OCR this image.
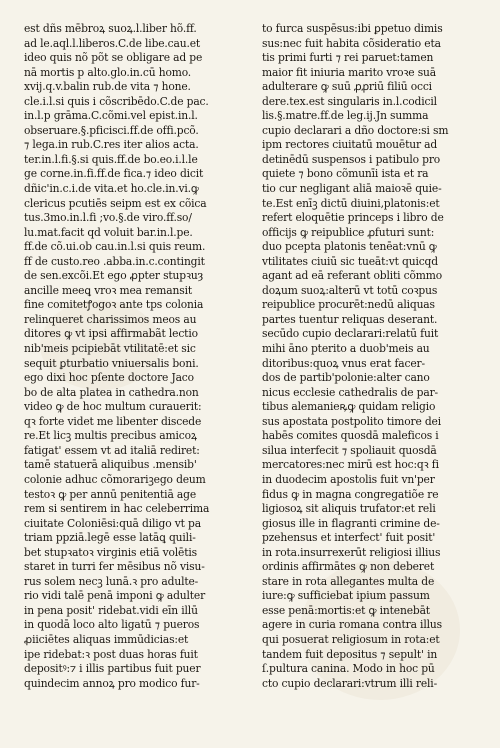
est dñs mēbroꝝ suoꝝ.l.liber hõ.ff.
ad le.aql.l.liberos.C.de libe.cau.et
ideo quis nõ põt se obligare ad pe
nā mortis p alto.glo.in.cū homo.
xvij.q.v.balin rub.de vita ⁊ hone.
cle.i.l.si quis i cõscribēdo.C.de pac.
in.l.p grāma.C.cõmi.vel epist.in.l.
obseruare.§.pficisci.ff.de offi.pcõ.
⁊ lega.in rub.C.res iter alios acta.
ter.in.l.fi.§.si quis.ff.de bo.eo.i.l.le
ge corne.in.fi.ff.de fica.⁊ ideo dicit
dñic'in.c.i.de vita.et ho.cle.in.vi.ꝙ
clericus pcutiēs seipm est ex cõica
tus.3mo.in.l.fi ;vo.§.de viro.ff.so/
lu.mat.facit qd voluit bar.in.l.pe.
ff.de cõ.ui.ob cau.in.l.si quis reum.
ff de custo.reo .abba.in.c.contingit
de sen.excõi.Et ego ꝓpter stupꝛuȝ
ancille meeꝗ vroꝛ mea remansit
fine comitetꝭogoꝛ ante tps colonia
relinqueret charissimos meos au
ditores ꝙ vt ipsi affirmabãt lectio
nib'meis pcipiebāt vtilitatē:et sic
sequit ꝑturbatio vniuersalis boni.
ego dixi hoc pſente doctore Jaco
bo de alta platea in cathedra.non
video ꝙ de hoc multum curauerit:
qꝛ forte videt me libenter discede
re.Et licꝫ multis precibus amicoꝝ
fatigat' essem vt ad italiā rediret:
tamē statuerā aliquibus .mensib'
colonie adhuc cõmorariꝫego deum
testoꝛ ꝙ per annū penitentiā age
rem si sentirem in hac celeberrima
ciuitate Coloniēsi:quā diligo vt pa
triam ppziā.legē esse latāꝗ quili-
bet stupꝛatoꝛ virginis etiā volētis
staret in turri fer mēsibus nõ visu-
rus solem necꝫ lunā.ꝛ pro adulte-
rio vidi talē penā imponi ꝙ adulter
in pena posit' ridebat.vidi eīn illū
in quodā loco alto ligatū ⁊ pueros
ꝓiiciētes aliquas immūdicias:et
ipe ridebat:ꝛ post duas horas fuit
depositꝰ:⁊ i illis partibus fuit puer
quindecim annoꝝ pro modico fur-
to furca suspēsus:ibi ꝑpetuo dimis
sus:nec fuit habita cõsideratio eta
tis primi furti ⁊ rei paruet:tamen
maior fit iniuria marito vroꝛe suā
adulterare ꝙ suū ꝓꝓriū filiū occi
dere.tex.est singularis in.l.codicil
lis.§.matre.ff.de leg.ij.Jn summa
cupio declarari a dño doctore:si sm
ipm rectores ciuitatū mouētur ad
detinēdū suspensos i patibulo pro
quiete ⁊ bono cõmunīi ista et ra
tio cur negligant aliā maioꝛē quie-
te.Est enīꝫ dictū diuini,platonis:et
refert eloquētie princeps i libro de
officijs ꝙ reipublice ꝓfuturi sunt:
duo pcepta platonis tenēat:vnū ꝙ
vtilitates ciuiū sic tueāt:vt quicqd
agant ad eā referant obliti cõmmo
doꝝum suoꝝ:alterū vt totū coꝛpus
reipublice procurēt:nedū aliquas
partes tuentur reliquas deserant.
secūdo cupio declarari:relatū fuit
mihi āno pterito a duob'meis au
ditoribus:quoꝝ vnus erat facer-
dos de partib'polonie:alter cano
nicus ecclesie cathedralis de par-
tibus alemanieꝶꝙ quidam religio
sus apostata postpolito timore dei
habēs comites quosdā maleficos i
silua interfecit ⁊ spoliauit quosdā
mercatores:nec mirū est hoc:qꝛ fi
in duodecim apostolis fuit vn'per
fidus ꝙ in magna congregatiõe re
ligiosoꝝ sit aliquis trufator:et reli
giosus ille in flagranti crimine de-
pzehensus et interfect' fuit posit'
in rota.insurrexerūt religiosi illius
ordinis affirmātes ꝙ non deberet
stare in rota allegantes multa de
iure:ꝙ sufficiebat ipium passum
esse penā:mortis:et ꝙ intenebāt
agere in curia romana contra illus
qui posuerat religiosum in rota:et
tandem fuit depositus ⁊ sepult' in
ſ.pultura canina. Modo in hoc pū
cto cupio declarari:vtrum illi reli-
